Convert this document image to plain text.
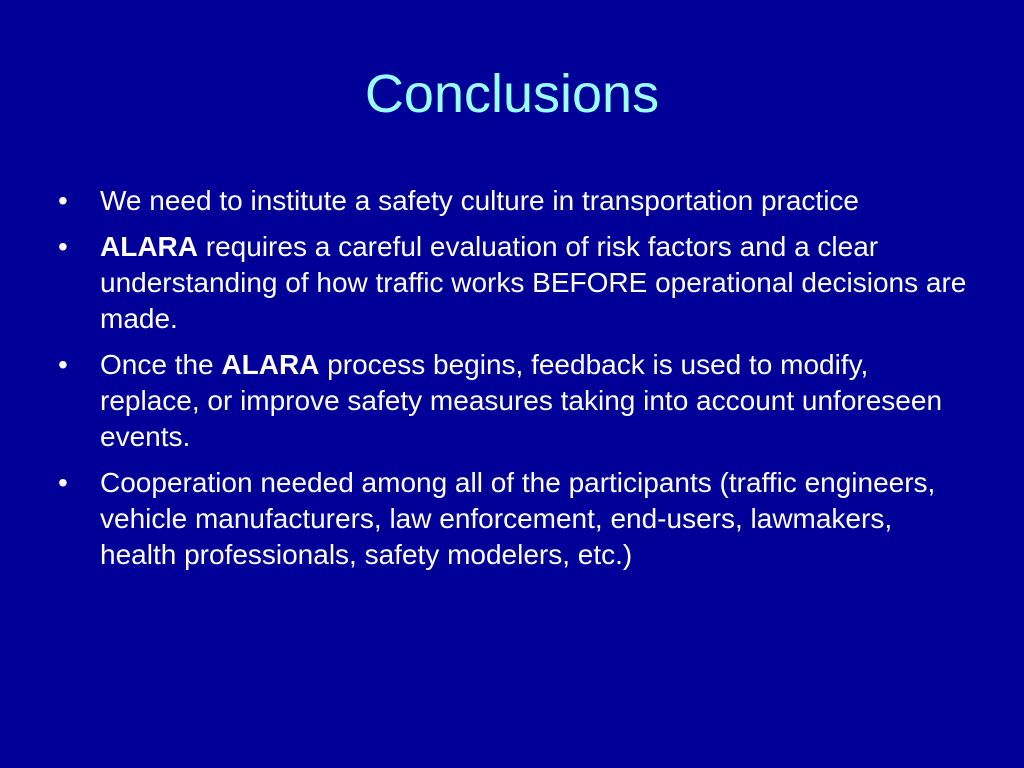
Conclusions
•	We need to institute a safety culture in transportation practice
•	ALARA requires a careful evaluation of risk factors and a clear understanding of how traffic works BEFORE operational decisions are made.
•	Once the ALARA process begins, feedback is used to modify, replace, or improve safety measures taking into account unforeseen events.
•	Cooperation needed among all of the participants (traffic engineers, vehicle manufacturers, law enforcement, end-users, lawmakers, health professionals, safety modelers, etc.)
